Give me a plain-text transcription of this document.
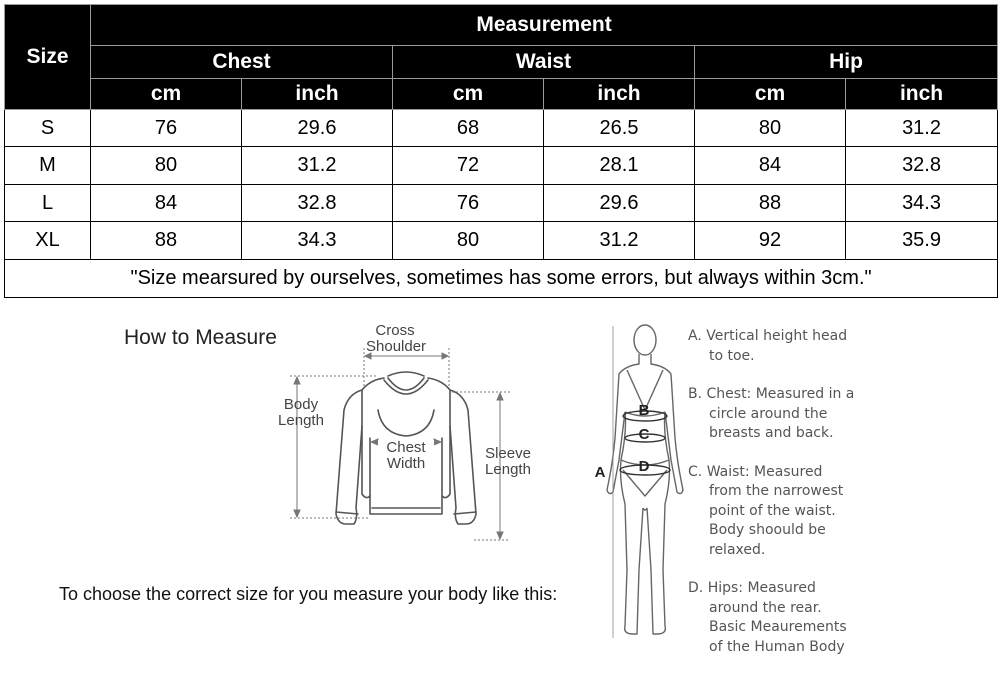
Size	Measurement					
	Chest		Waist		Hip	
	cm	inch	cm	inch	cm	inch
S	76	29.6	68	26.5	80	31.2
M	80	31.2	72	28.1	84	32.8
L	84	32.8	76	29.6	88	34.3
XL	88	34.3	80	31.2	92	35.9
"Size mearsured by ourselves, sometimes has some errors, but always within 3cm."						
How to Measure	Cross
Shoulder
Body
Length
Chest
Width
Sleeve
Length
To choose the correct size for you measure your body like this:
B
C
D
A
A. Vertical height head
to toe.
B. Chest: Measured in a
circle around the
breasts and back.
C. Waist: Measured
from the narrowest
point of the waist.
Body shoould be
relaxed.
D. Hips: Measured
around the rear.
Basic Meaurements
of the Human Body
